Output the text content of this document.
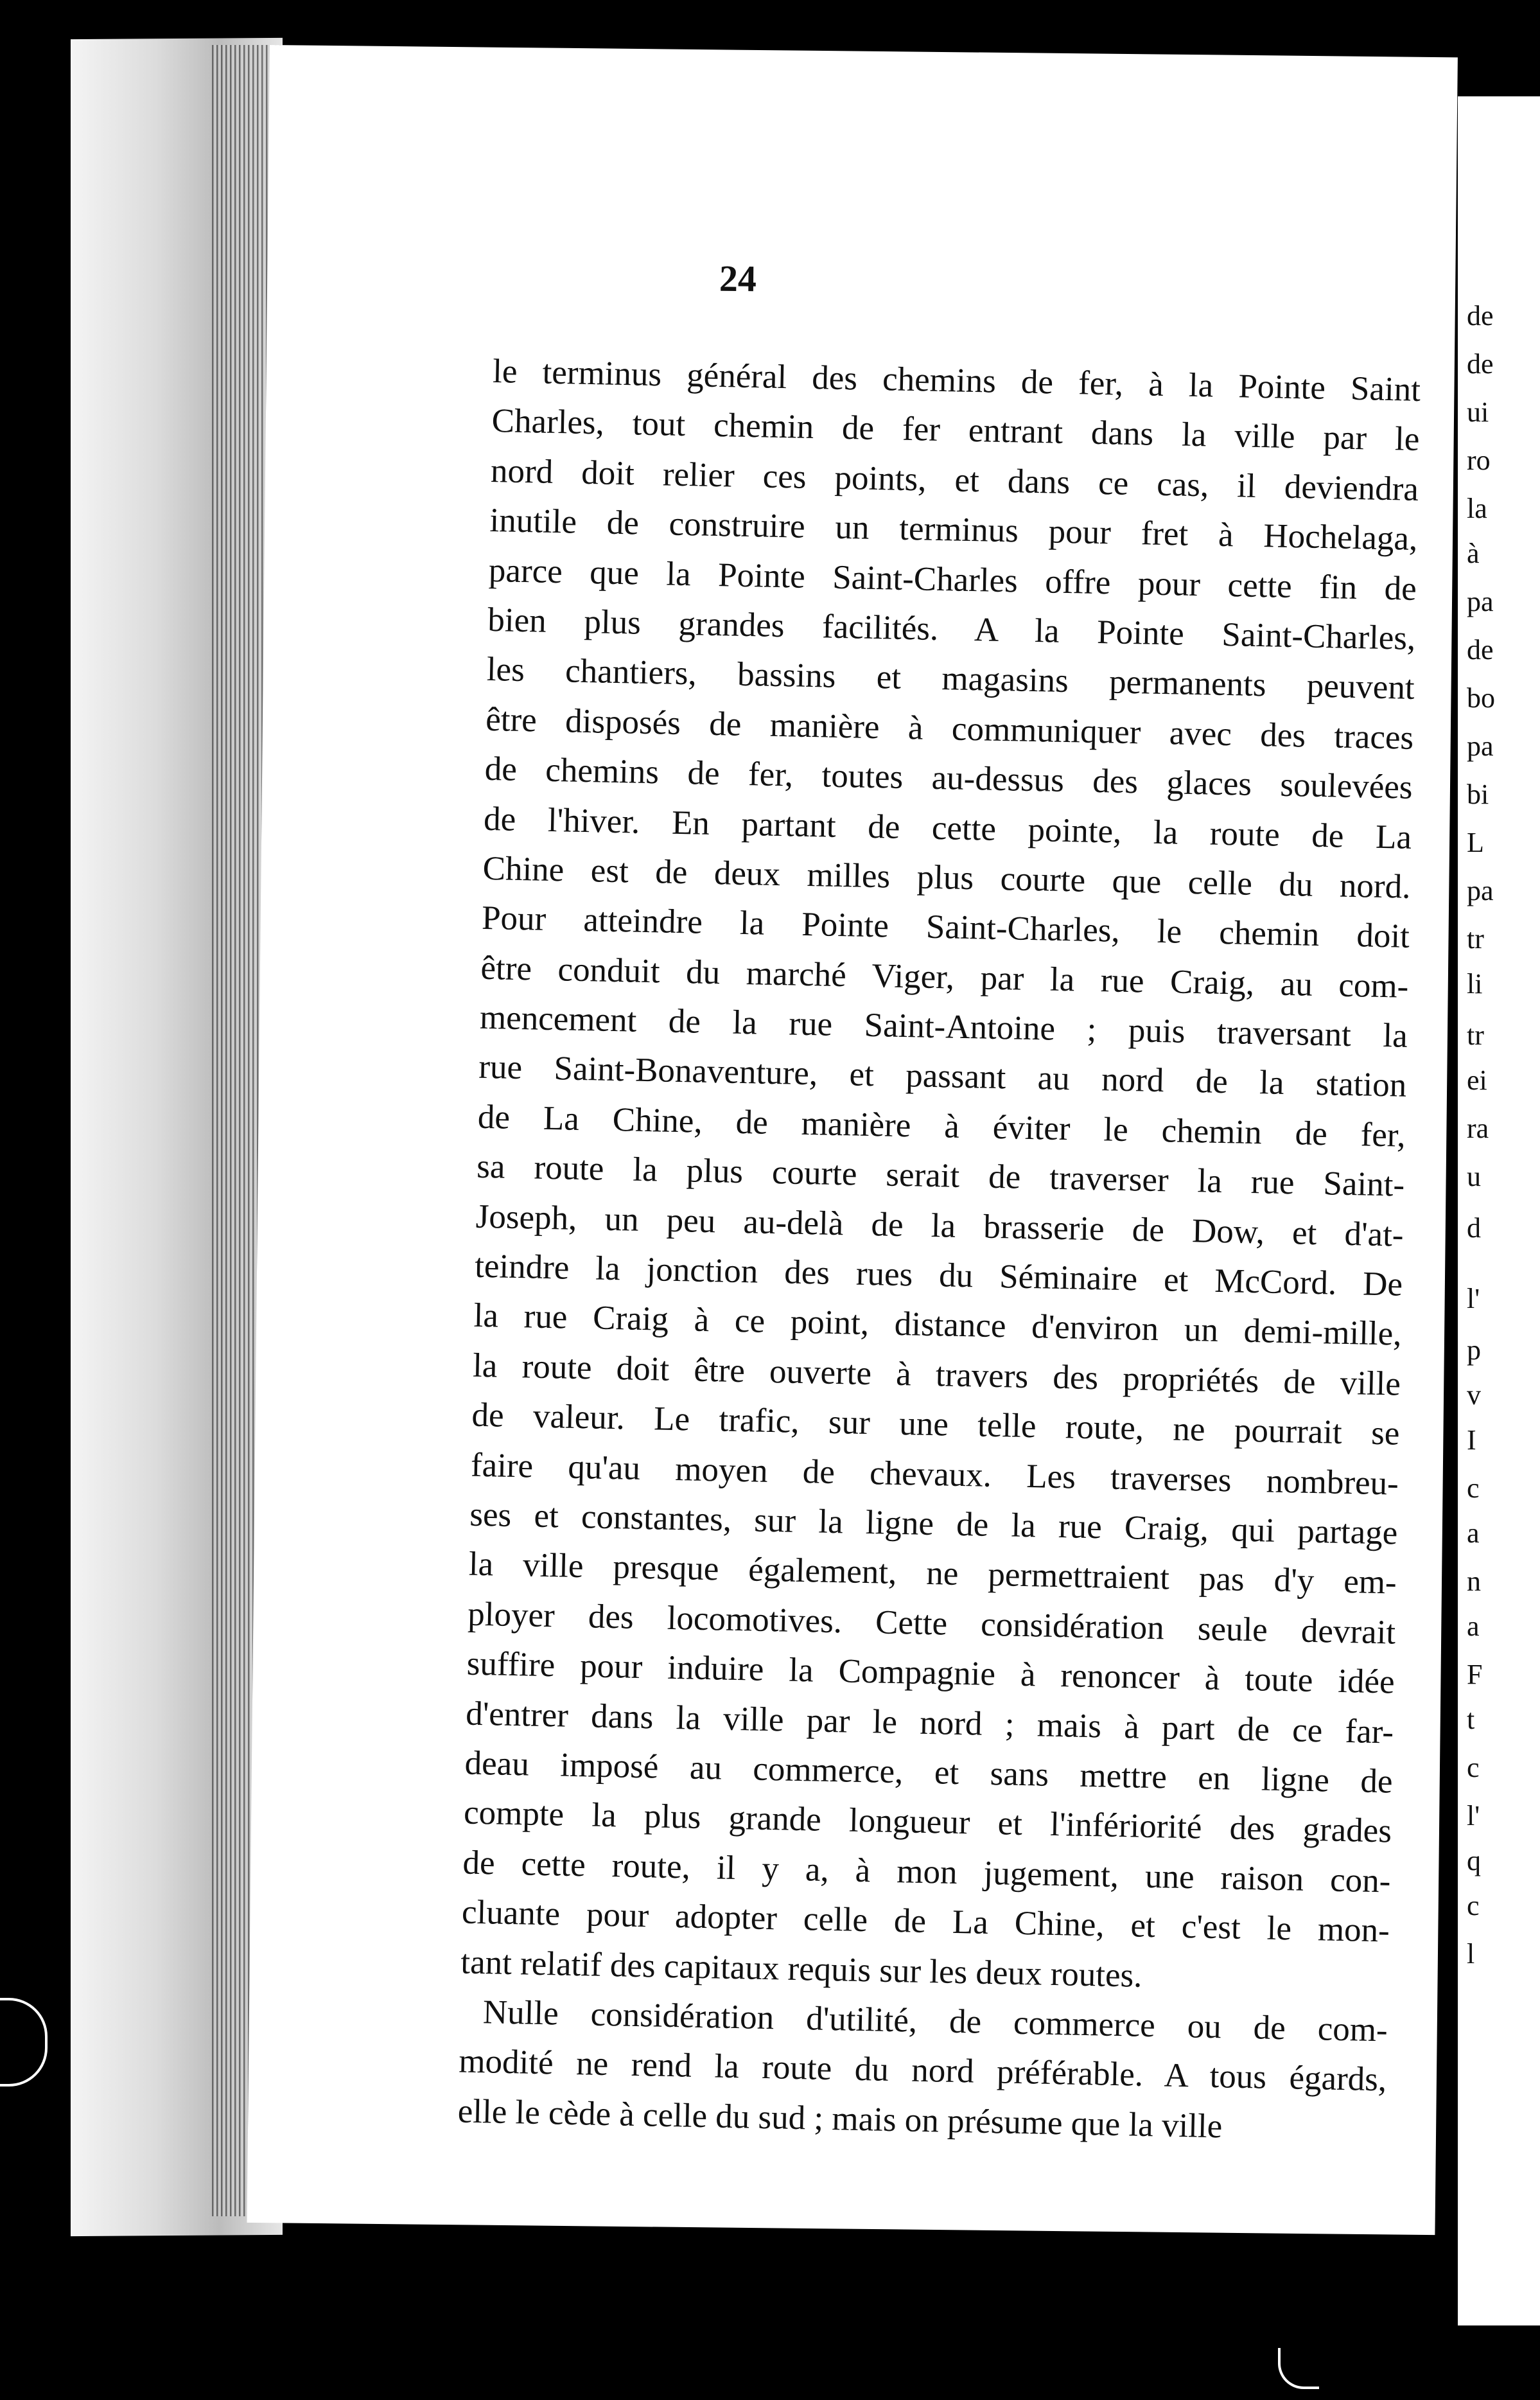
de
de
ui
ro
la
à
pa
de
bo
pa
bi
L
pa
tr
li
tr
ei
ra
u
d
l'
p
v
I
c
a
n
a
F
t
c
l'
q
c
l
24
le terminus général des chemins de fer, à la Pointe Saint
Charles, tout chemin de fer entrant dans la ville par le
nord doit relier ces points, et dans ce cas, il deviendra
inutile de construire un terminus pour fret à Hochelaga,
parce que la Pointe Saint-Charles offre pour cette fin de
bien plus grandes facilités. A la Pointe Saint-Charles,
les chantiers, bassins et magasins permanents peuvent
être disposés de manière à communiquer avec des traces
de chemins de fer, toutes au-dessus des glaces soulevées
de l'hiver. En partant de cette pointe, la route de La
Chine est de deux milles plus courte que celle du nord.
Pour atteindre la Pointe Saint-Charles, le chemin doit
être conduit du marché Viger, par la rue Craig, au com-
mencement de la rue Saint-Antoine ; puis traversant la
rue Saint-Bonaventure, et passant au nord de la station
de La Chine, de manière à éviter le chemin de fer,
sa route la plus courte serait de traverser la rue Saint-
Joseph, un peu au-delà de la brasserie de Dow, et d'at-
teindre la jonction des rues du Séminaire et McCord. De
la rue Craig à ce point, distance d'environ un demi-mille,
la route doit être ouverte à travers des propriétés de ville
de valeur. Le trafic, sur une telle route, ne pourrait se
faire qu'au moyen de chevaux. Les traverses nombreu-
ses et constantes, sur la ligne de la rue Craig, qui partage
la ville presque également, ne permettraient pas d'y em-
ployer des locomotives. Cette considération seule devrait
suffire pour induire la Compagnie à renoncer à toute idée
d'entrer dans la ville par le nord ; mais à part de ce far-
deau imposé au commerce, et sans mettre en ligne de
compte la plus grande longueur et l'infériorité des grades
de cette route, il y a, à mon jugement, une raison con-
cluante pour adopter celle de La Chine, et c'est le mon-
tant relatif des capitaux requis sur les deux routes.
Nulle considération d'utilité, de commerce ou de com-
modité ne rend la route du nord préférable. A tous égards,
elle le cède à celle du sud ; mais on présume que la ville
